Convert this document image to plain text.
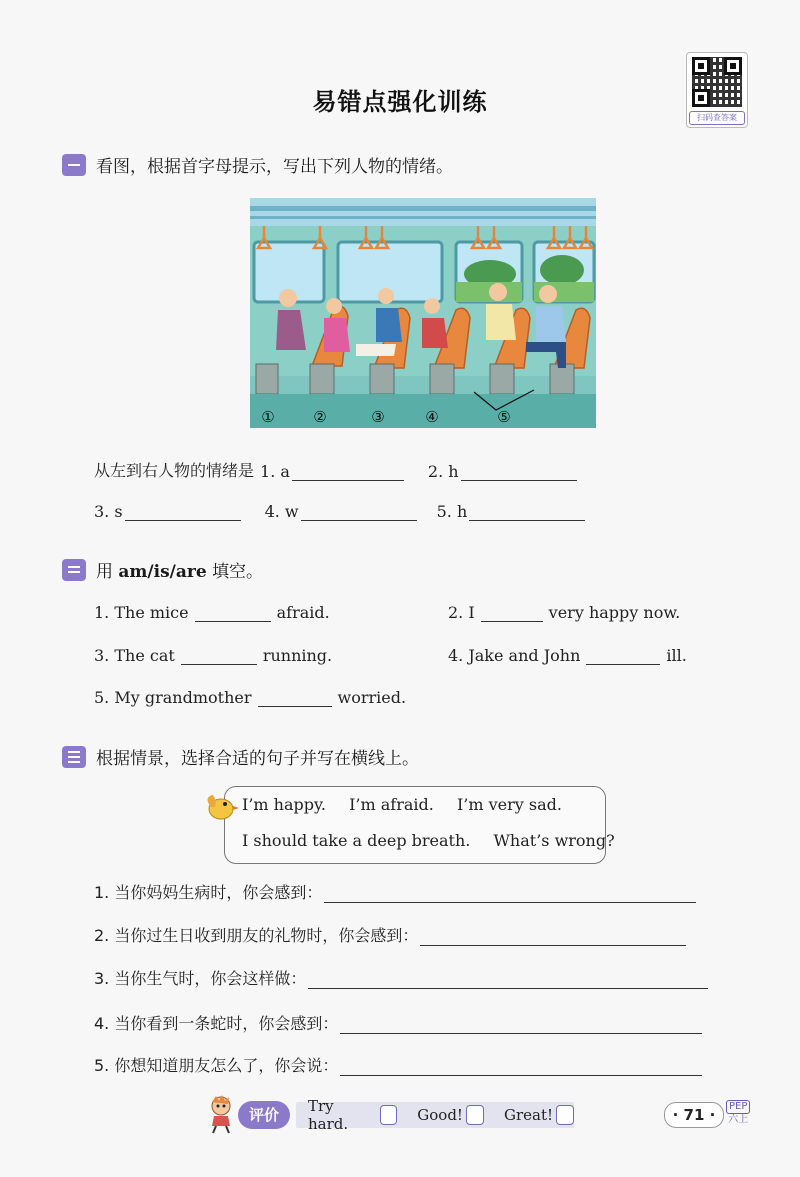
易错点强化训练
扫码查答案
看图，根据首字母提示，写出下列人物的情绪。
①	②	③	④	⑤
从左到右人物的情绪是 1. a	2. h
3. s	4. w	5. h
用 am/is/are 填空。
1. The mice	afraid.	2. I	very happy now.
3. The cat	running.	4. Jake and John	ill.
5. My grandmother	worried.
根据情景，选择合适的句子并写在横线上。
I’m happy. I’m afraid. I’m very sad.
I should take a deep breath. What’s wrong?
1. 当你妈妈生病时，你会感到：
2. 当你过生日收到朋友的礼物时，你会感到：
3. 当你生气时，你会这样做：
4. 当你看到一条蛇时，你会感到：
5. 你想知道朋友怎么了，你会说：
评价	Try hard.	Good!	Great!	· 71 ·	PEP
六上
